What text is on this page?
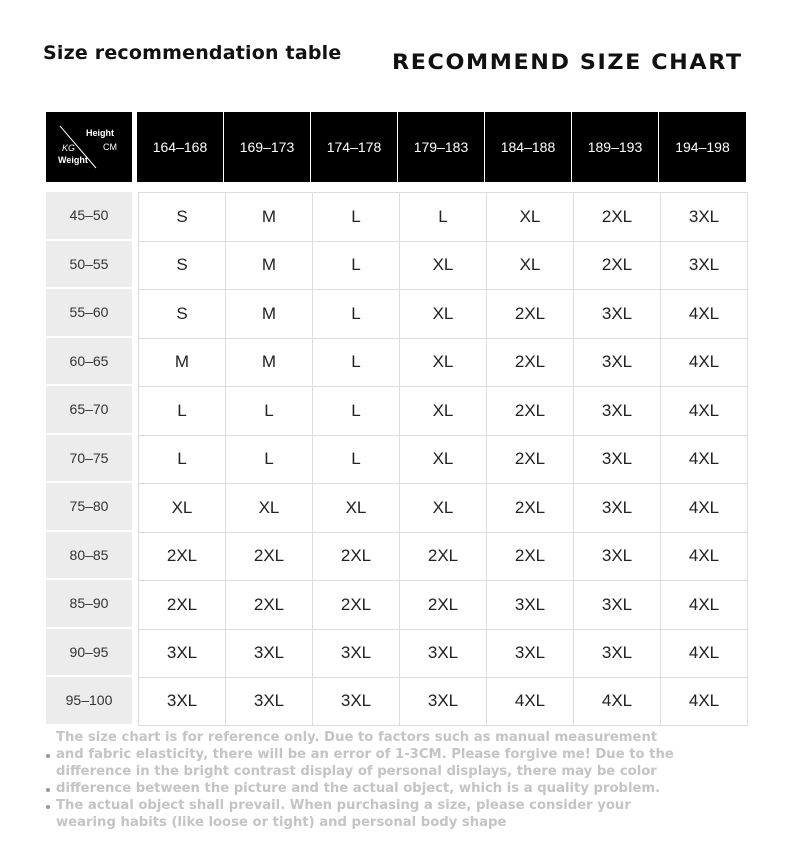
Size recommendation table RECOMMEND SIZE CHART
Height
CM
KG
Weight
164–168	169–173	174–178	179–183	184–188	189–193	194–198
45–50	S	M	L	L	XL	2XL	3XL
50–55	S	M	L	XL	XL	2XL	3XL
55–60	S	M	L	XL	2XL	3XL	4XL
60–65	M	M	L	XL	2XL	3XL	4XL
65–70	L	L	L	XL	2XL	3XL	4XL
70–75	L	L	L	XL	2XL	3XL	4XL
75–80	XL	XL	XL	XL	2XL	3XL	4XL
80–85	2XL	2XL	2XL	2XL	2XL	3XL	4XL
85–90	2XL	2XL	2XL	2XL	3XL	3XL	4XL
90–95	3XL	3XL	3XL	3XL	3XL	3XL	4XL
95–100	3XL	3XL	3XL	3XL	4XL	4XL	4XL

The size chart is for reference only. Due to factors such as manual measurement

and fabric elasticity, there will be an error of 1-3CM. Please forgive me! Due to the

difference in the bright contrast display of personal displays, there may be color

difference between the picture and the actual object, which is a quality problem.

The actual object shall prevail. When purchasing a size, please consider your

wearing habits (like loose or tight) and personal body shape
